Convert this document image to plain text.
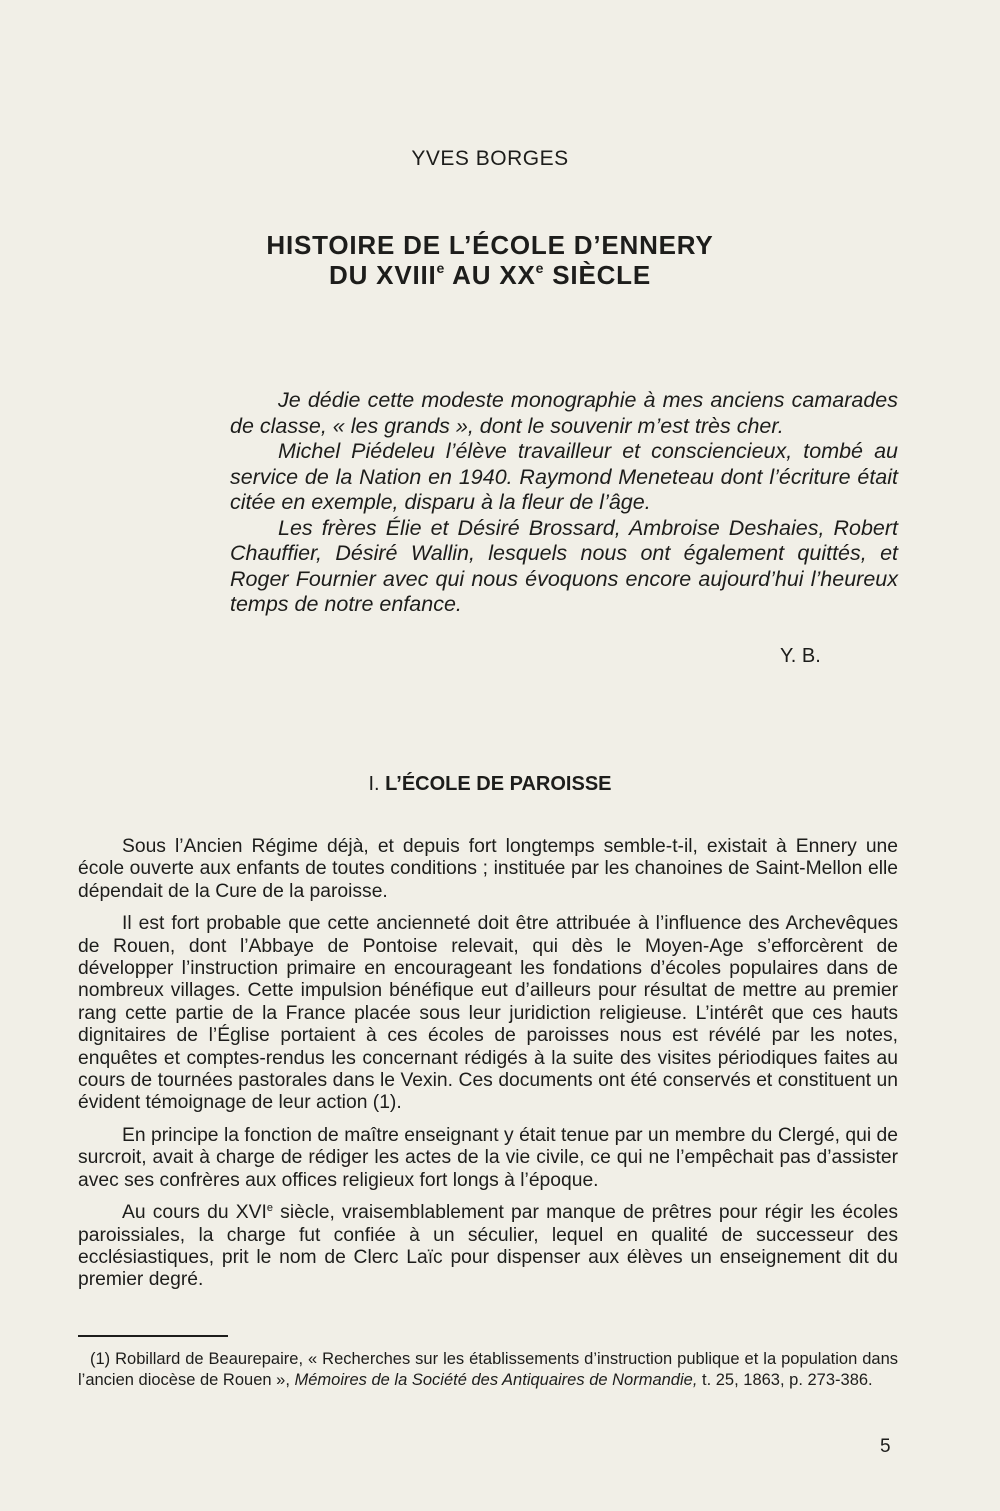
YVES BORGES
HISTOIRE DE L’ÉCOLE D’ENNERY
DU XVIIIe AU XXe SIÈCLE

Je dédie cette modeste monographie à mes anciens camarades de classe, « les grands », dont le souvenir m’est très cher.

Michel Piédeleu l’élève travailleur et consciencieux, tombé au service de la Nation en 1940. Raymond Meneteau dont l’écriture était citée en exemple, disparu à la fleur de l’âge.

Les frères Élie et Désiré Brossard, Ambroise Deshaies, Robert Chauffier, Désiré Wallin, lesquels nous ont également quittés, et Roger Fournier avec qui nous évoquons encore aujourd’hui l’heureux temps de notre enfance.

Y. B.
I. L’ÉCOLE DE PAROISSE

Sous l’Ancien Régime déjà, et depuis fort longtemps semble-t-il, existait à Ennery une école ouverte aux enfants de toutes conditions ; instituée par les chanoines de Saint-Mellon elle dépendait de la Cure de la paroisse.

Il est fort probable que cette ancienneté doit être attribuée à l’influence des Archevêques de Rouen, dont l’Abbaye de Pontoise relevait, qui dès le Moyen-Age s’efforcèrent de développer l’instruction primaire en encourageant les fondations d’écoles populaires dans de nombreux villages. Cette impulsion bénéfique eut d’ailleurs pour résultat de mettre au premier rang cette partie de la France placée sous leur juridiction religieuse. L’intérêt que ces hauts dignitaires de l’Église portaient à ces écoles de paroisses nous est révélé par les notes, enquêtes et comptes-rendus les concernant rédigés à la suite des visites périodiques faites au cours de tournées pastorales dans le Vexin. Ces documents ont été conservés et constituent un évident témoignage de leur action (1).

En principe la fonction de maître enseignant y était tenue par un membre du Clergé, qui de surcroit, avait à charge de rédiger les actes de la vie civile, ce qui ne l’empêchait pas d’assister avec ses confrères aux offices religieux fort longs à l’époque.

Au cours du XVIe siècle, vraisemblablement par manque de prêtres pour régir les écoles paroissiales, la charge fut confiée à un séculier, lequel en qualité de successeur des ecclésiastiques, prit le nom de Clerc Laïc pour dispenser aux élèves un enseignement dit du premier degré.

(1) Robillard de Beaurepaire, « Recherches sur les établissements d’instruction publique et la population dans l’ancien diocèse de Rouen », Mémoires de la Société des Antiquaires de Normandie, t. 25, 1863, p. 273-386.
5
